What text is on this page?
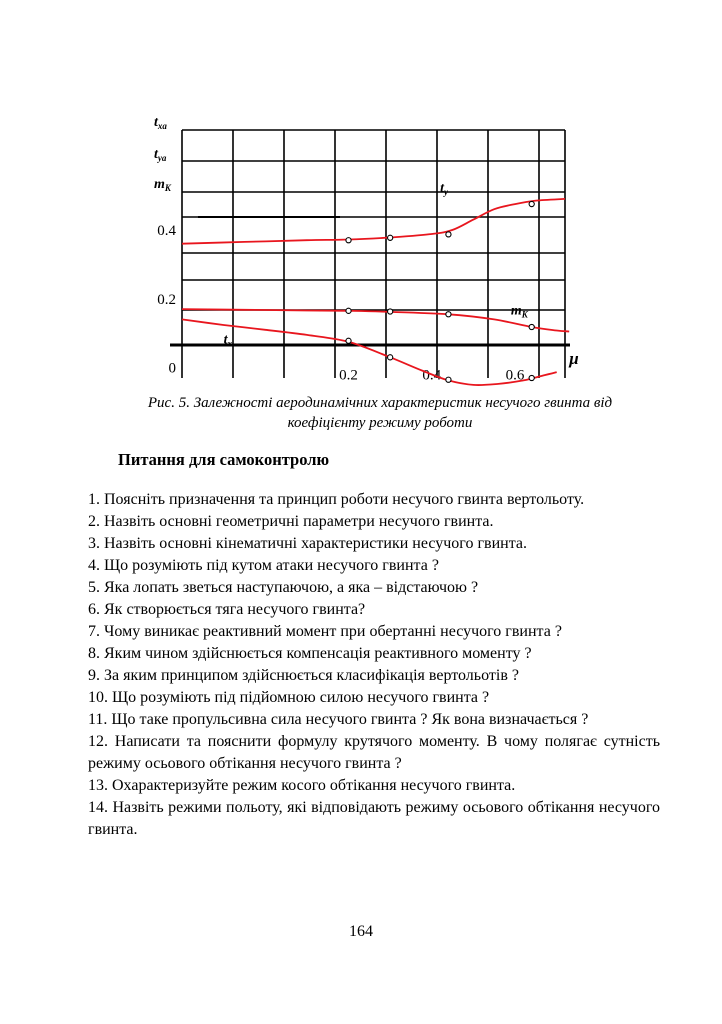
$t_{xa}$
$t_{ya}$
$m_K$
0
0.2
0.4
0.2	0.4	0.6
μ
$t_y$
$m_K$
$t_x$
Рис. 5. Залежності аеродинамічних характеристик несучого гвинта від
коефіцієнту режиму роботи
Питання для самоконтролю
1. Поясніть призначення та принцип роботи несучого гвинта вертольоту.
2. Назвіть основні геометричні параметри несучого гвинта.
3. Назвіть основні кінематичні характеристики несучого гвинта.
4. Що розуміють під кутом атаки несучого гвинта ?
5. Яка лопать зветься наступаючою, а яка – відстаючою ?
6. Як створюється тяга несучого гвинта?
7. Чому виникає реактивний момент при обертанні несучого гвинта ?
8. Яким чином здійснюється компенсація реактивного моменту ?
9. За яким принципом здійснюється класифікація вертольотів ?
10. Що розуміють під підйомною силою несучого гвинта ?
11. Що таке пропульсивна сила несучого гвинта ? Як вона визначається ?
12. Написати та пояснити формулу крутячого моменту. В чому полягає сутність режиму осьового обтікання несучого гвинта ?
13. Охарактеризуйте режим косого обтікання несучого гвинта.
14. Назвіть режими польоту, які відповідають режиму осьового обтікання несучого гвинта.
164
